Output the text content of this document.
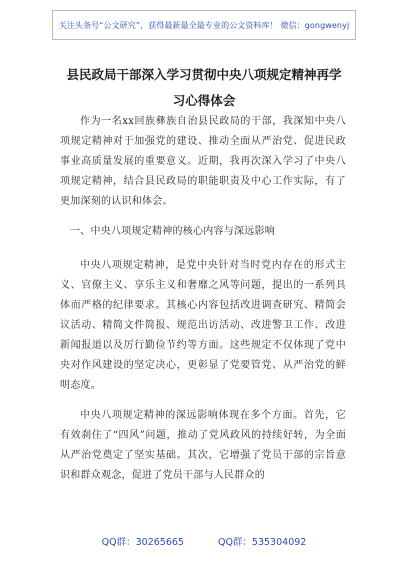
关注头条号“公文研究”，获得最新最全最专业的公文资料库！ 微信：gongwenyj
县民政局干部深入学习贯彻中央八项规定精神再学习心得体会

作为一名xx回族彝族自治县民政局的干部，我深知中央八项规定精神对于加强党的建设、推动全面从严治党、促进民政事业高质量发展的重要意义。近期，我再次深入学习了中央八项规定精神，结合县民政局的职能职责及中心工作实际，有了更加深刻的认识和体会。

一、中央八项规定精神的核心内容与深远影响

中央八项规定精神，是党中央针对当时党内存在的形式主义、官僚主义、享乐主义和奢靡之风等问题，提出的一系列具体而严格的纪律要求。其核心内容包括改进调查研究、精简会议活动、精简文件简报、规范出访活动、改进警卫工作、改进新闻报道以及厉行勤俭节约等方面。这些规定不仅体现了党中央对作风建设的坚定决心，更彰显了党要管党、从严治党的鲜明态度。

中央八项规定精神的深远影响体现在多个方面。首先，它有效刹住了“四风”问题，推动了党风政风的持续好转，为全面从严治党奠定了坚实基础。其次，它增强了党员干部的宗旨意识和群众观念，促进了党员干部与人民群众的

QQ群：30265665	QQ群：535304092
